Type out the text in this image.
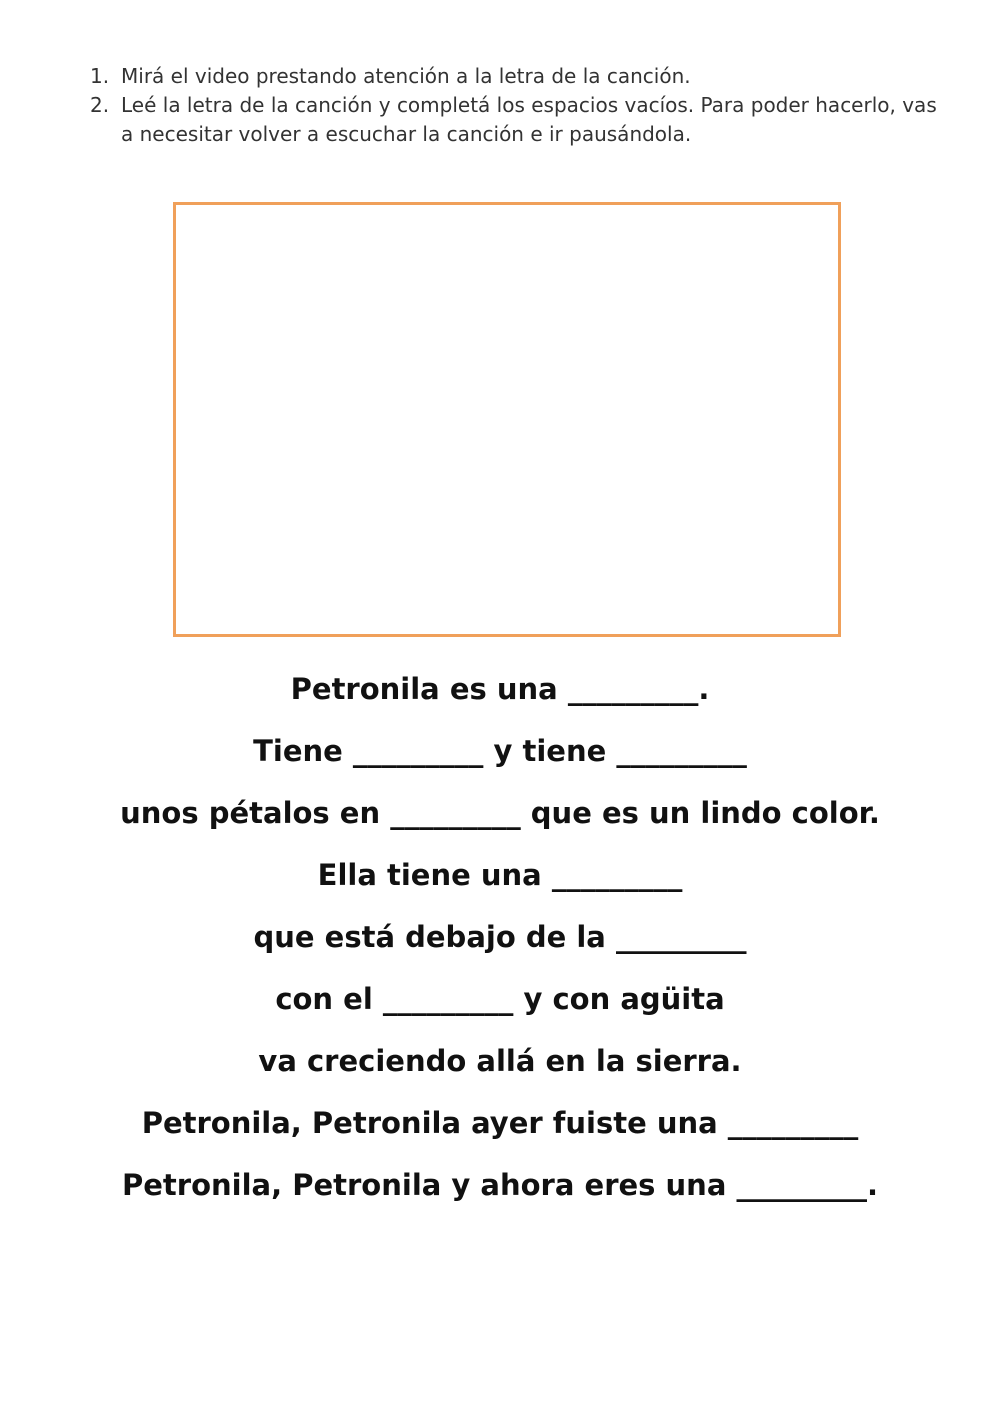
1. Mirá el video prestando atención a la letra de la canción.
2. Leé la letra de la canción y completá los espacios vacíos. Para poder hacerlo, vas a necesitar volver a escuchar la canción e ir pausándola.
Petronila es una _________.
Tiene _________ y tiene _________
unos pétalos en _________ que es un lindo color.
Ella tiene una _________
que está debajo de la _________
con el _________ y con agüita
va creciendo allá en la sierra.
Petronila, Petronila ayer fuiste una _________
Petronila, Petronila y ahora eres una _________.
